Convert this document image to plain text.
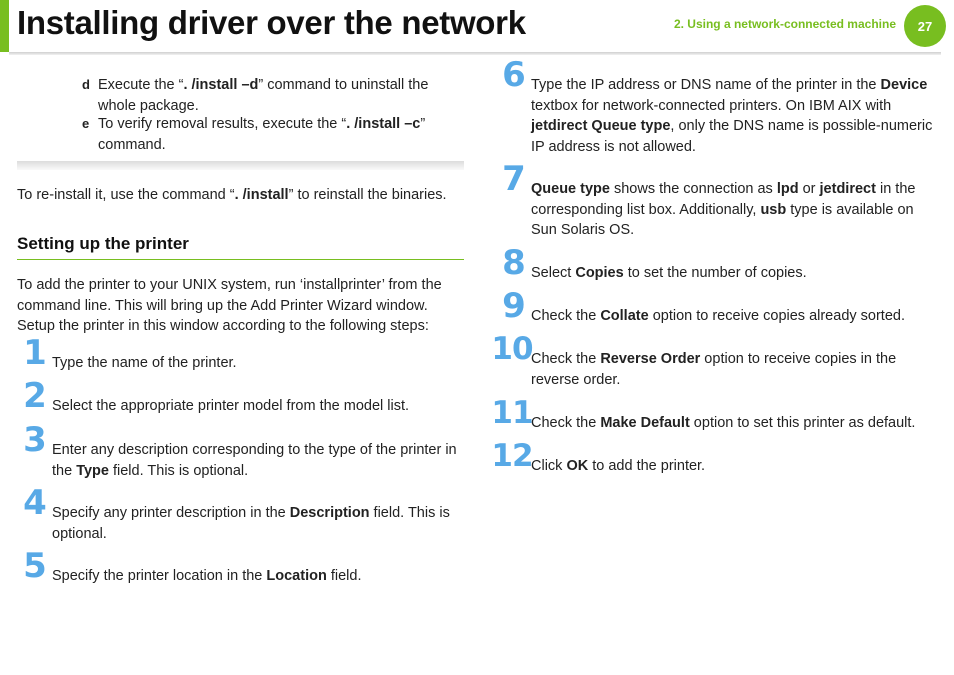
Installing driver over the network	2. Using a network-connected machine	27
d Execute the “. /install –d” command to uninstall the whole package.
e To verify removal results, execute the “. /install –c” command.

To re-install it, use the command “. /install” to reinstall the binaries.

Setting up the printer

To add the printer to your UNIX system, run ‘installprinter’ from the command line. This will bring up the Add Printer Wizard window. Setup the printer in this window according to the following steps:

1 Type the name of the printer.
2 Select the appropriate printer model from the model list.
3 Enter any description corresponding to the type of the printer in the Type field. This is optional.
4 Specify any printer description in the Description field. This is optional.
5 Specify the printer location in the Location field.
6 Type the IP address or DNS name of the printer in the Device textbox for network-connected printers. On IBM AIX with jetdirect Queue type, only the DNS name is possible-numeric IP address is not allowed.
7 Queue type shows the connection as lpd or jetdirect in the corresponding list box. Additionally, usb type is available on Sun Solaris OS.
8 Select Copies to set the number of copies.
9 Check the Collate option to receive copies already sorted.
10
Check the Reverse Order option to receive copies in the reverse order.
11
Check the Make Default option to set this printer as default.
12
Click OK to add the printer.
